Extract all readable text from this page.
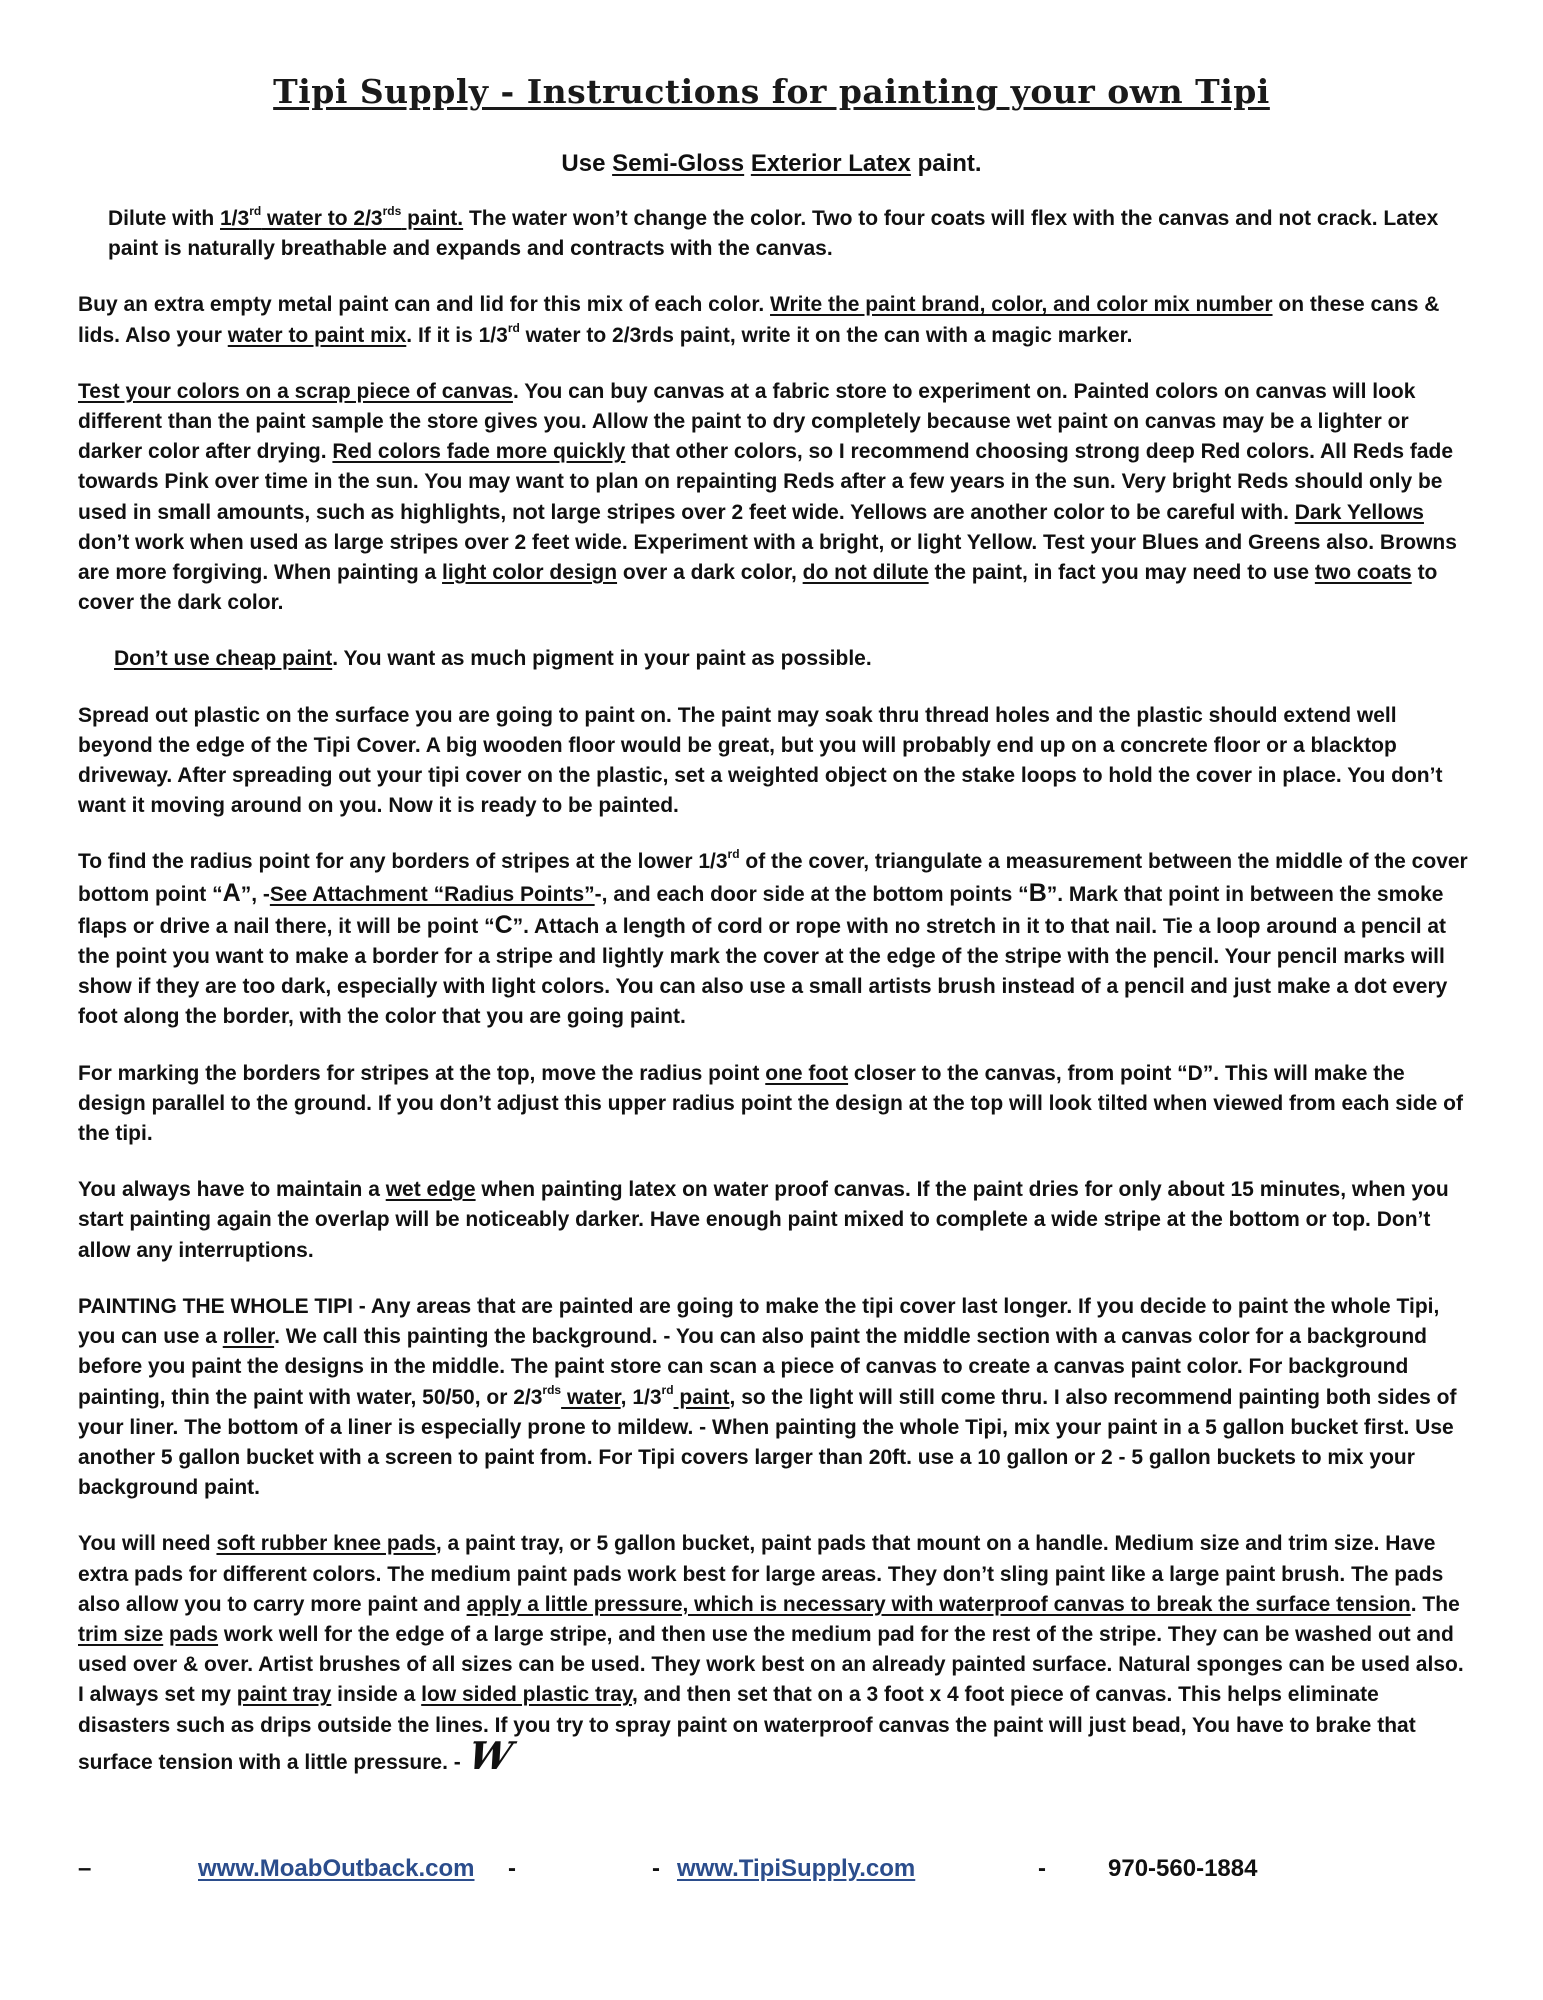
Tipi Supply - Instructions for painting your own Tipi
Use Semi-Gloss Exterior Latex paint.

Dilute with 1/3rd water to $2/3^{rds}$ paint. The water won’t change the color. Two to four coats will flex with the canvas and not crack. Latex paint is naturally breathable and expands and contracts with the canvas.

Buy an extra empty metal paint can and lid for this mix of each color. Write the paint brand, color, and color mix number on these cans & lids. Also your water to paint mix. If it is 1/3rd water to 2/3rds paint, write it on the can with a magic marker.

Test your colors on a scrap piece of canvas. You can buy canvas at a fabric store to experiment on. Painted colors on canvas will look different than the paint sample the store gives you. Allow the paint to dry completely because wet paint on canvas may be a lighter or darker color after drying. Red colors fade more quickly that other colors, so I recommend choosing strong deep Red colors. All Reds fade towards Pink over time in the sun. You may want to plan on repainting Reds after a few years in the sun. Very bright Reds should only be used in small amounts, such as highlights, not large stripes over 2 feet wide. Yellows are another color to be careful with. Dark Yellows don’t work when used as large stripes over 2 feet wide. Experiment with a bright, or light Yellow. Test your Blues and Greens also. Browns are more forgiving. When painting a light color design over a dark color, do not dilute the paint, in fact you may need to use two coats to cover the dark color.

Don’t use cheap paint. You want as much pigment in your paint as possible.

Spread out plastic on the surface you are going to paint on. The paint may soak thru thread holes and the plastic should extend well beyond the edge of the Tipi Cover. A big wooden floor would be great, but you will probably end up on a concrete floor or a blacktop driveway. After spreading out your tipi cover on the plastic, set a weighted object on the stake loops to hold the cover in place. You don’t want it moving around on you. Now it is ready to be painted.

To find the radius point for any borders of stripes at the lower 1/3rd of the cover, triangulate a measurement between the middle of the cover bottom point “A”, -See Attachment “Radius Points”-, and each door side at the bottom points “B”. Mark that point in between the smoke flaps or drive a nail there, it will be point “C”. Attach a length of cord or rope with no stretch in it to that nail. Tie a loop around a pencil at the point you want to make a border for a stripe and lightly mark the cover at the edge of the stripe with the pencil. Your pencil marks will show if they are too dark, especially with light colors. You can also use a small artists brush instead of a pencil and just make a dot every foot along the border, with the color that you are going paint.

For marking the borders for stripes at the top, move the radius point one foot closer to the canvas, from point “D”. This will make the design parallel to the ground. If you don’t adjust this upper radius point the design at the top will look tilted when viewed from each side of the tipi.

You always have to maintain a wet edge when painting latex on water proof canvas. If the paint dries for only about 15 minutes, when you start painting again the overlap will be noticeably darker. Have enough paint mixed to complete a wide stripe at the bottom or top. Don’t allow any interruptions.

PAINTING THE WHOLE TIPI - Any areas that are painted are going to make the tipi cover last longer. If you decide to paint the whole Tipi, you can use a roller. We call this painting the background. - You can also paint the middle section with a canvas color for a background before you paint the designs in the middle. The paint store can scan a piece of canvas to create a canvas paint color. For background painting, thin the paint with water, 50/50, or $2/3^{rds}$ water, 1/3rd paint, so the light will still come thru. I also recommend painting both sides of your liner. The bottom of a liner is especially prone to mildew. - When painting the whole Tipi, mix your paint in a 5 gallon bucket first. Use another 5 gallon bucket with a screen to paint from. For Tipi covers larger than 20ft. use a 10 gallon or 2 - 5 gallon buckets to mix your background paint.

You will need soft rubber knee pads, a paint tray, or 5 gallon bucket, paint pads that mount on a handle. Medium size and trim size. Have extra pads for different colors. The medium paint pads work best for large areas. They don’t sling paint like a large paint brush. The pads also allow you to carry more paint and apply a little pressure, which is necessary with waterproof canvas to break the surface tension. The trim size pads work well for the edge of a large stripe, and then use the medium pad for the rest of the stripe. They can be washed out and used over & over. Artist brushes of all sizes can be used. They work best on an already painted surface. Natural sponges can be used also. I always set my paint tray inside a low sided plastic tray, and then set that on a 3 foot x 4 foot piece of canvas. This helps eliminate disasters such as drips outside the lines. If you try to spray paint on waterproof canvas the paint will just bead, You have to brake that surface tension with a little pressure. - W

–	www.MoabOutback.com -	- www.TipiSupply.com	-	970-560-1884
